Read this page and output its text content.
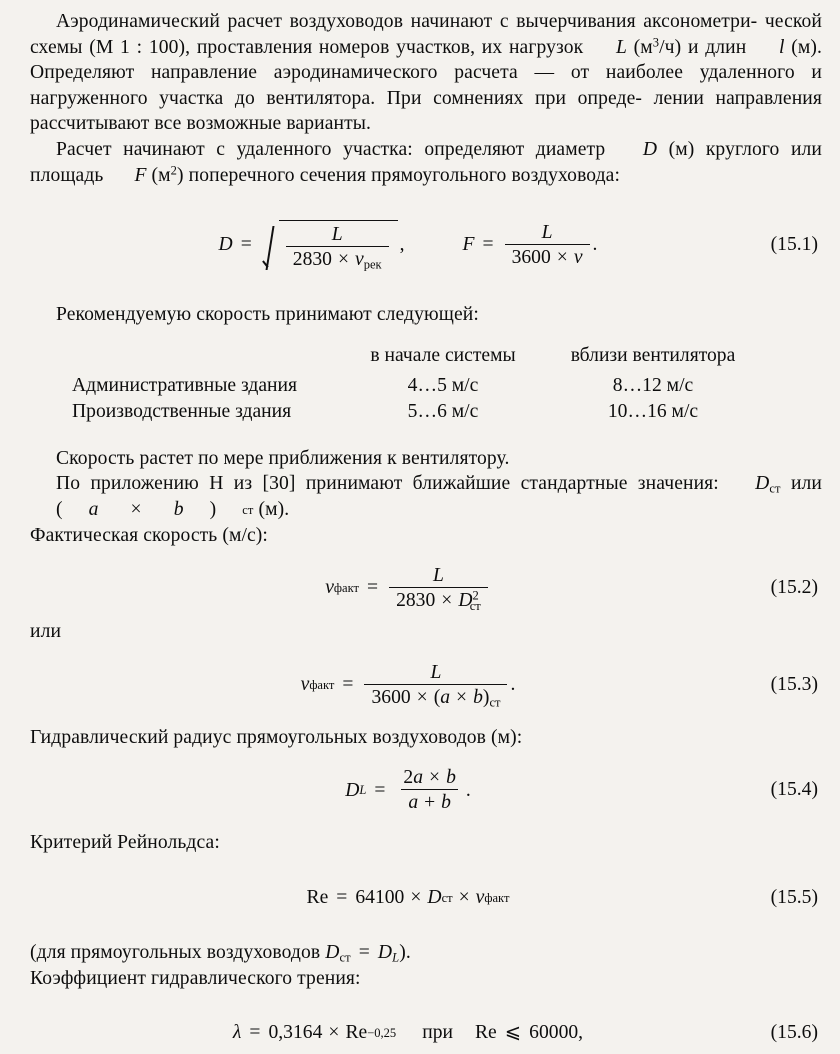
Аэродинамический расчет воздуховодов начинают с вычерчивания аксонометри- ческой схемы (М 1 : 100), проставления номеров участков, их нагрузок L $(м^3/ч)$ и длин l (м). Определяют направление аэродинамического расчета — от наиболее удаленного и нагруженного участка до вентилятора. При сомнениях при опреде- лении направления рассчитывают все возможные варианты.

Расчет начинают с удаленного участка: определяют диаметр D (м) круглого или площадь F $(м^2)$ поперечного сечения прямоугольного воздуховода:

$D = \frac{L}{2830 \times v_{рек}}$ ,	$F = \frac{L}{3600 \times v}$ .	(15.1)

Рекомендуемую скорость принимают следующей:

	в начале системы	вблизи вентилятора
Административные здания	4…5 м/с	8…12 м/с
Производственные здания	5…6 м/с	10…16 м/с

Скорость растет по мере приближения к вентилятору.

По приложению Н из [30] принимают ближайшие стандартные значения: $D_{ст}$ или
(	a	×	b	)	ст (м).

Фактическая скорость (м/с):

v факт = $\frac{L}{2830 \times D^2_{ст}}$	(15.2)

или

v факт = $\frac{L}{3600 \times (a \times b)_{ст}}$ .	(15.3)

Гидравлический радиус прямоугольных воздуховодов (м):

D $L = \frac{2a \times b}{a + b}$ .	(15.4)

Критерий Рейнольдса:

Re = 64100 × D ст × v факт	(15.5)

(для прямоугольных воздуховодов $D_{ст} = D_L$).

Коэффициент гидравлического трения:

λ = 0,3164 × Re −0,25 при Re ⩽ 60000,	(15.6)
